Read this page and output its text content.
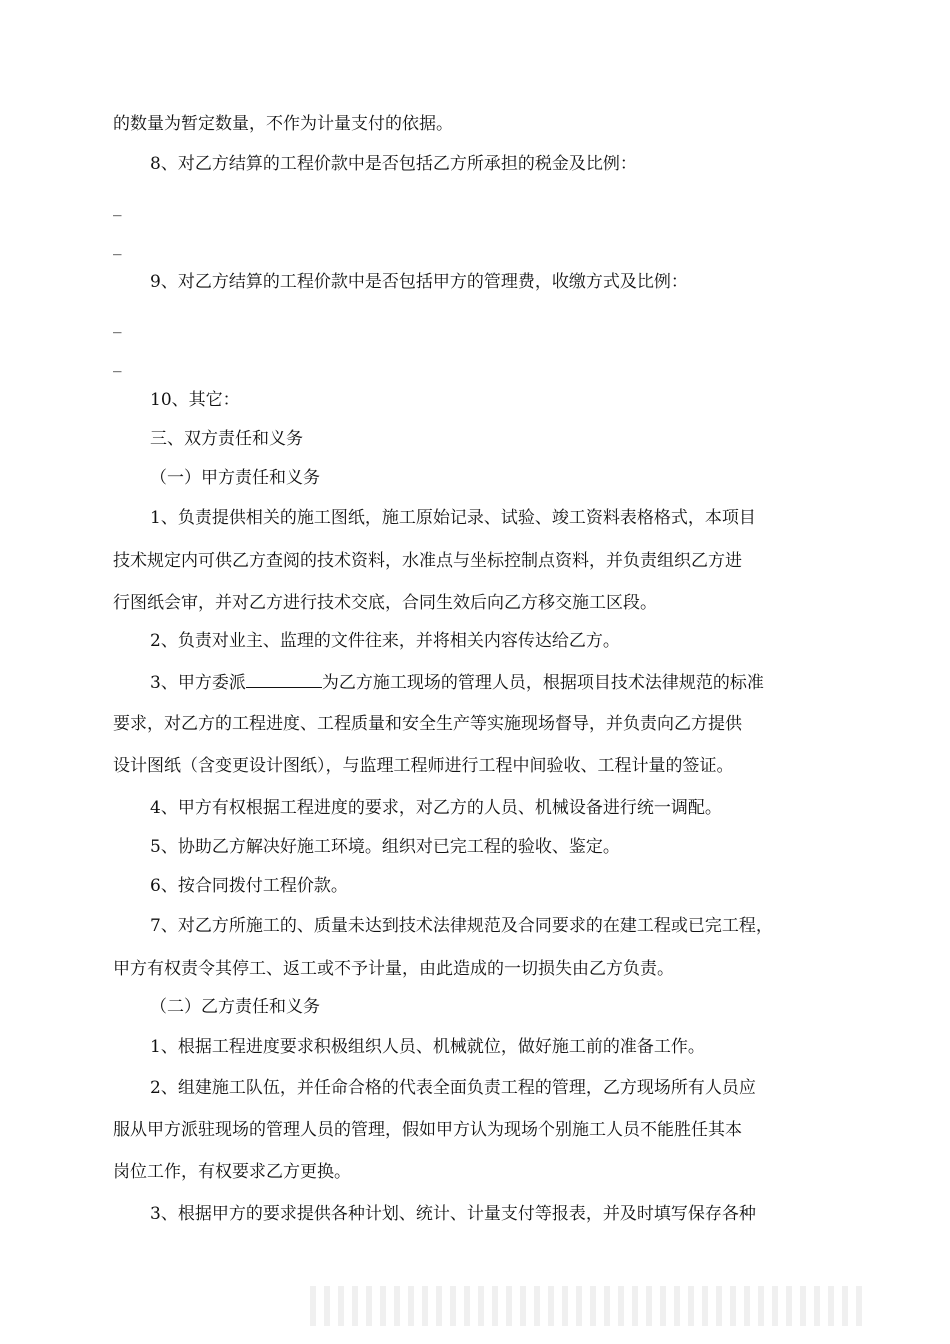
的数量为暂定数量，不作为计量支付的依据。
8、对乙方结算的工程价款中是否包括乙方所承担的税金及比例：
_
_
9、对乙方结算的工程价款中是否包括甲方的管理费，收缴方式及比例：
_
_
10、其它：
三、双方责任和义务
（一）甲方责任和义务
1、负责提供相关的施工图纸，施工原始记录、试验、竣工资料表格格式，本项目
技术规定内可供乙方查阅的技术资料，水准点与坐标控制点资料，并负责组织乙方进
行图纸会审，并对乙方进行技术交底，合同生效后向乙方移交施工区段。
2、负责对业主、监理的文件往来，并将相关内容传达给乙方。
3、甲方委派	为乙方施工现场的管理人员，根据项目技术法律规范的标准
要求，对乙方的工程进度、工程质量和安全生产等实施现场督导，并负责向乙方提供
设计图纸（含变更设计图纸），与监理工程师进行工程中间验收、工程计量的签证。
4、甲方有权根据工程进度的要求，对乙方的人员、机械设备进行统一调配。
5、协助乙方解决好施工环境。组织对已完工程的验收、鉴定。
6、按合同拨付工程价款。
7、对乙方所施工的、质量未达到技术法律规范及合同要求的在建工程或已完工程，
甲方有权责令其停工、返工或不予计量，由此造成的一切损失由乙方负责。
（二）乙方责任和义务
1、根据工程进度要求积极组织人员、机械就位，做好施工前的准备工作。
2、组建施工队伍，并任命合格的代表全面负责工程的管理，乙方现场所有人员应
服从甲方派驻现场的管理人员的管理，假如甲方认为现场个别施工人员不能胜任其本
岗位工作，有权要求乙方更换。
3、根据甲方的要求提供各种计划、统计、计量支付等报表，并及时填写保存各种
